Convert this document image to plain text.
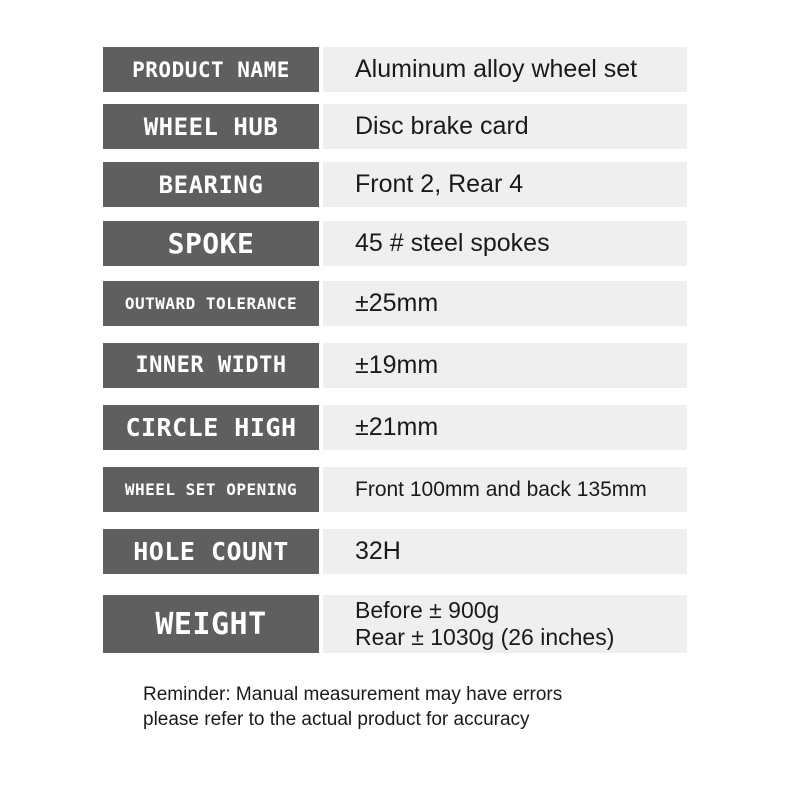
PRODUCT NAME	Aluminum alloy wheel set
WHEEL HUB	Disc brake card
BEARING	Front 2, Rear 4
SPOKE	45 # steel spokes
OUTWARD TOLERANCE	±25mm
INNER WIDTH	±19mm
CIRCLE HIGH	±21mm
WHEEL SET OPENING	Front 100mm and back 135mm
HOLE COUNT	32H
WEIGHT	Before ± 900g
Rear ± 1030g (26 inches)
Reminder: Manual measurement may have errors
please refer to the actual product for accuracy
